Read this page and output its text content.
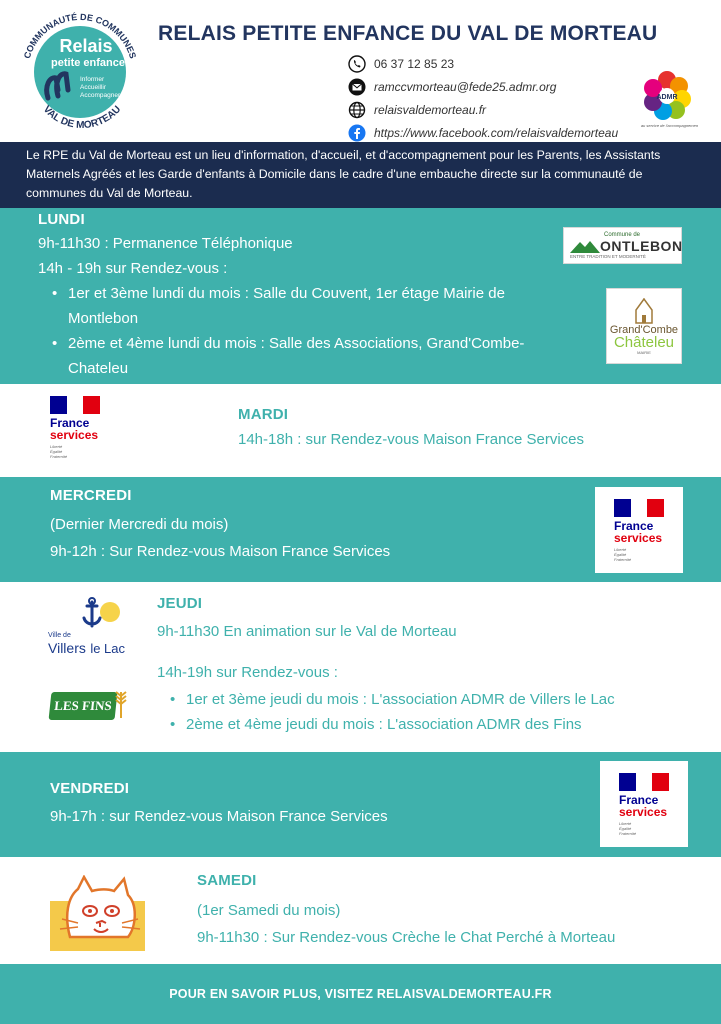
COMMUNAUTÉ DE COMMUNES
VAL DE MORTEAU
Relais
petite enfance
Informer
Accueillir
Accompagner
RELAIS PETITE ENFANCE DU VAL DE MORTEAU
06 37 12 85 23
ramccvmorteau@fede25.admr.org
relaisvaldemorteau.fr
https://www.facebook.com/relaisvaldemorteau
ADMR
au service de l'accompagnement

Le RPE du Val de Morteau est un lieu d'information, d'accueil, et d'accompagnement pour les Parents, les Assistants Maternels Agréés et les Garde d'enfants à Domicile dans le cadre d'une embauche directe sur la communauté de communes du Val de Morteau.

LUNDI
9h-11h30 : Permanence Téléphonique
14h - 19h sur Rendez-vous :
• 1er et 3ème lundi du mois : Salle du Couvent, 1er étage Mairie de Montlebon
• 2ème et 4ème lundi du mois : Salle des Associations, Grand'Combe-Chateleu
Commune de
ONTLEBON
ENTRE TRADITION ET MODERNITÉ
Grand'Combe
Châteleu
MAIRIE
France
services
Liberté
Égalité
Fraternité
MARDI
14h-18h : sur Rendez-vous Maison France Services
MERCREDI
(Dernier Mercredi du mois)
9h-12h : Sur Rendez-vous Maison France Services
France
services
Liberté
Égalité
Fraternité
Ville de
Villers le Lac
LES FINS
JEUDI
9h-11h30 En animation sur le Val de Morteau
14h-19h sur Rendez-vous :
• 1er et 3ème jeudi du mois : L'association ADMR de Villers le Lac
• 2ème et 4ème jeudi du mois : L'association ADMR des Fins
VENDREDI
9h-17h : sur Rendez-vous Maison France Services
France
services
Liberté
Égalité
Fraternité
SAMEDI
(1er Samedi du mois)
9h-11h30 : Sur Rendez-vous Crèche le Chat Perché à Morteau
POUR EN SAVOIR PLUS, VISITEZ RELAISVALDEMORTEAU.FR
